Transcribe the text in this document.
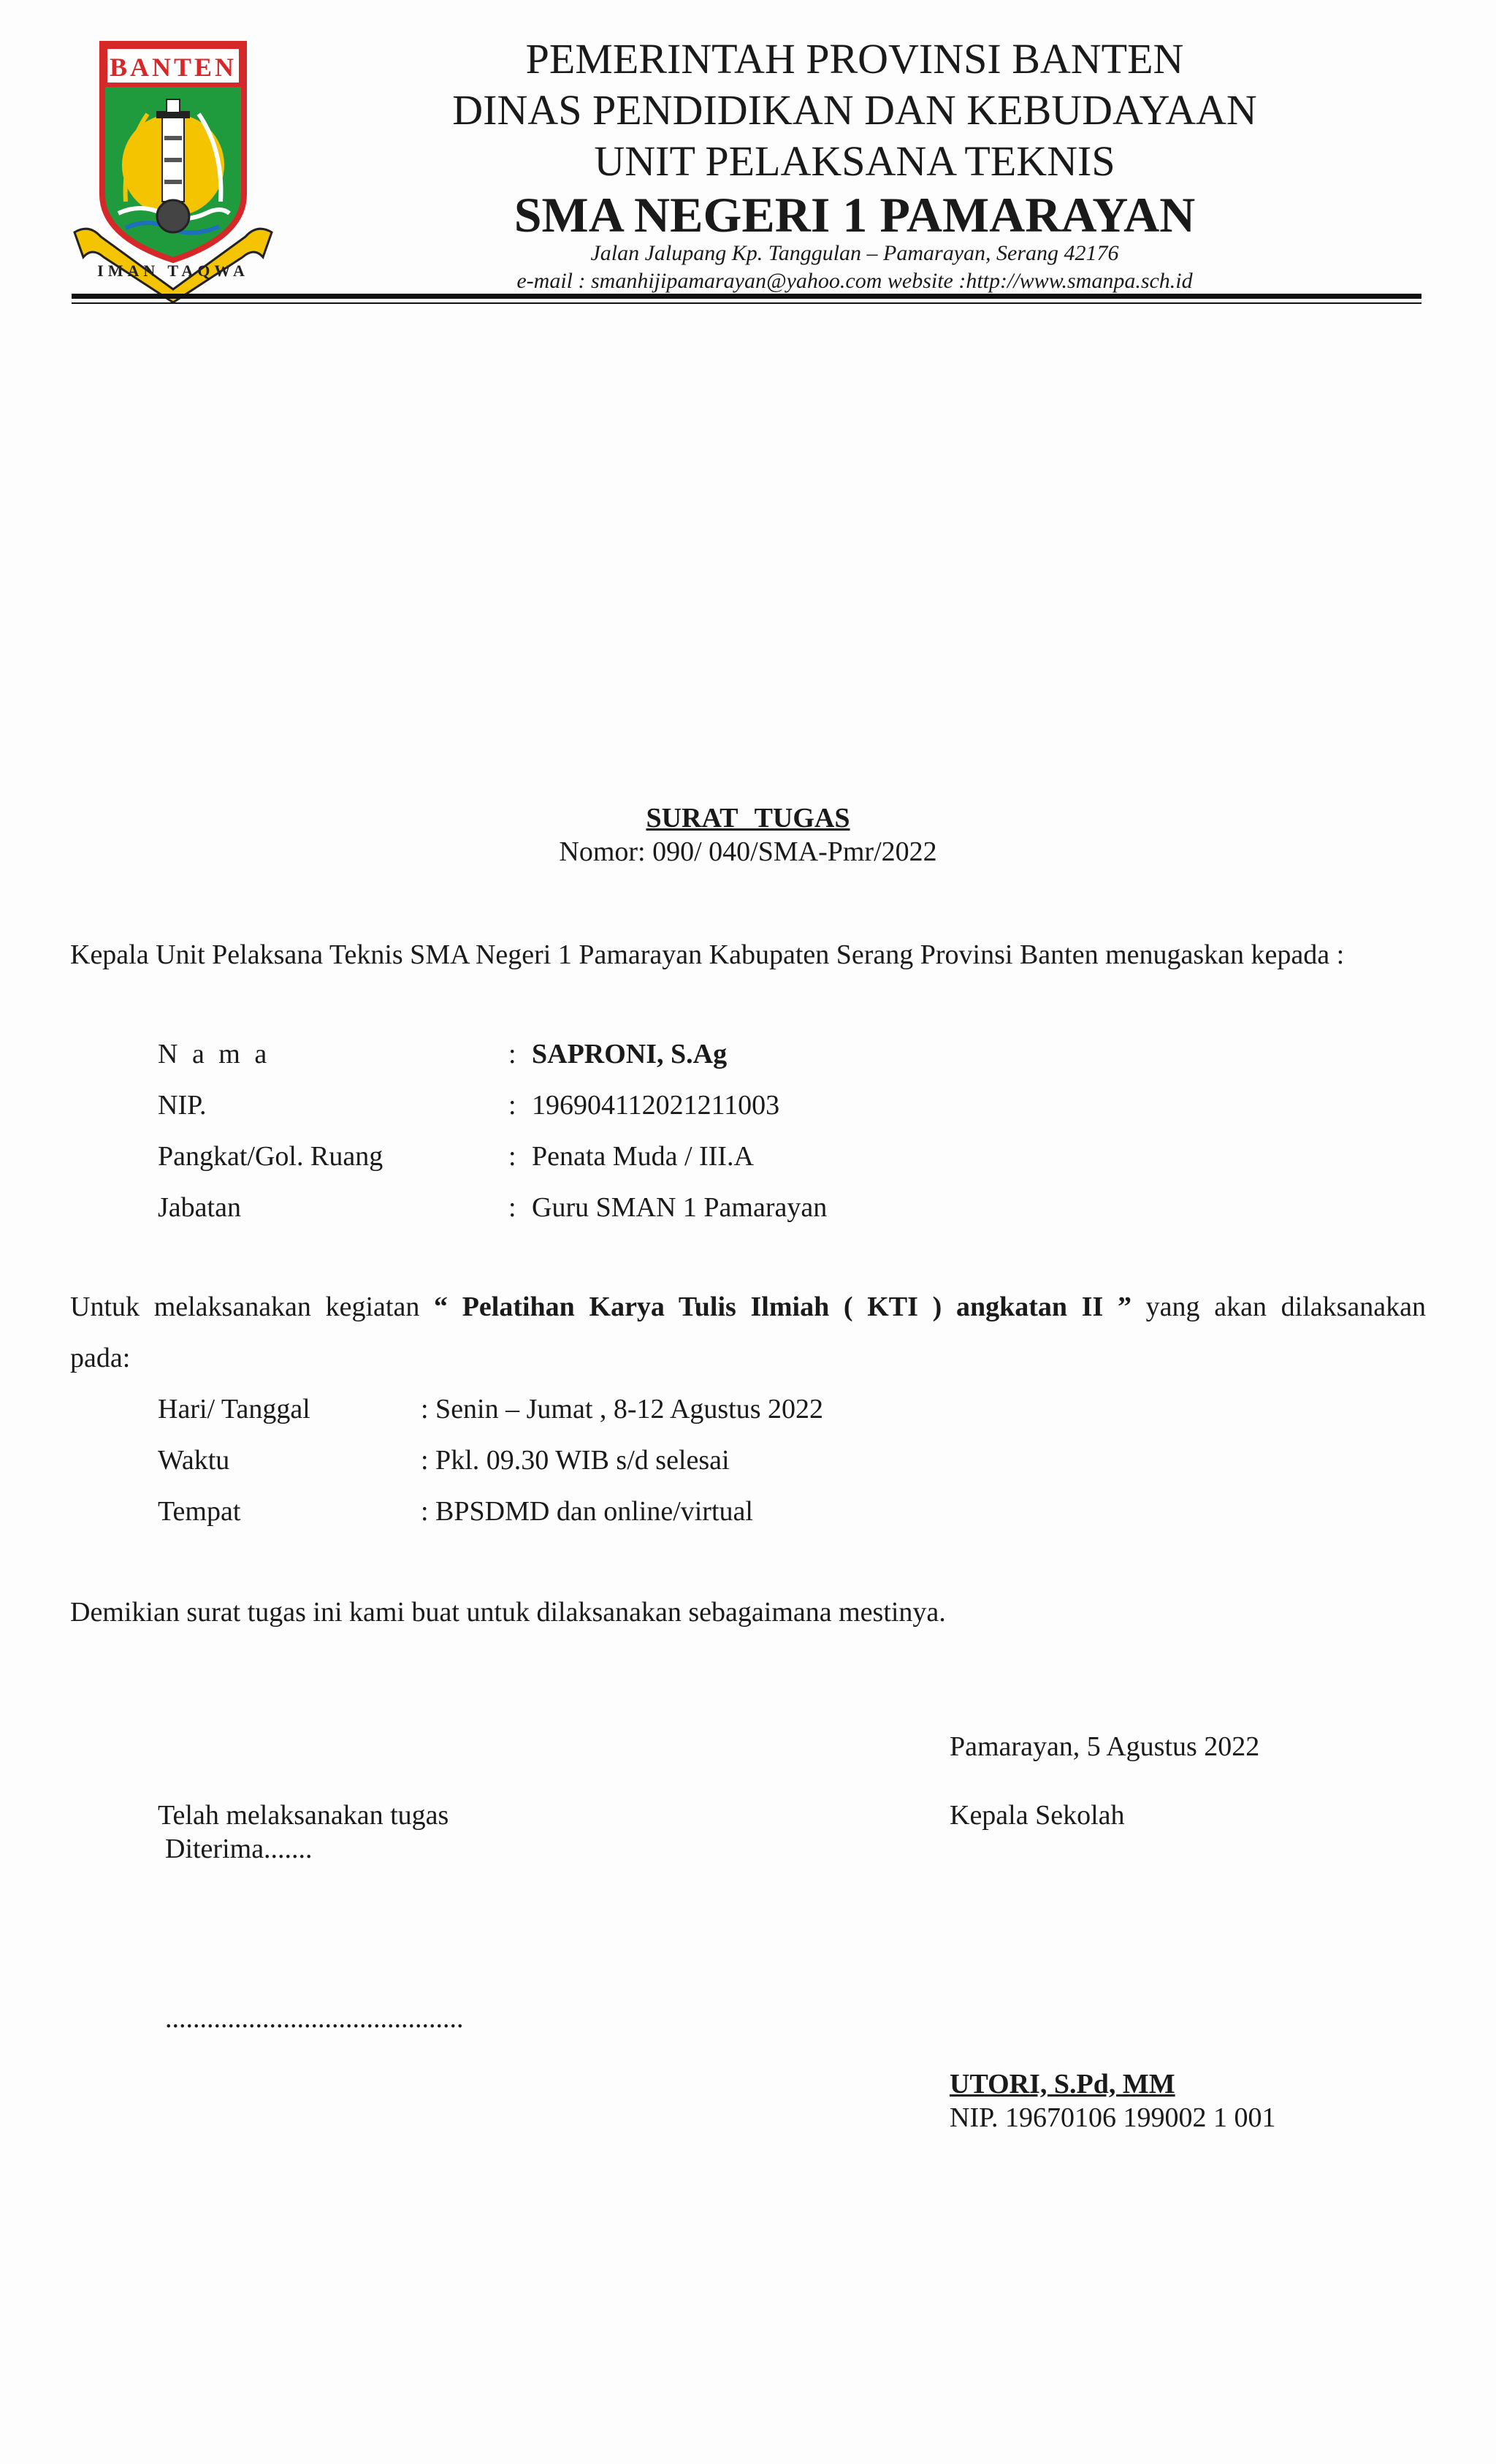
BANTEN
IMAN TAQWA
PEMERINTAH PROVINSI BANTEN
DINAS PENDIDIKAN DAN KEBUDAYAAN
UNIT PELAKSANA TEKNIS
SMA NEGERI 1 PAMARAYAN
Jalan Jalupang Kp. Tanggulan – Pamarayan, Serang 42176
e-mail : smanhijipamarayan@yahoo.com website :http://www.smanpa.sch.id
SURAT TUGAS
Nomor: 090/ 040/SMA-Pmr/2022
Kepala Unit Pelaksana Teknis SMA Negeri 1 Pamarayan Kabupaten Serang Provinsi Banten menugaskan kepada :
N a m a	: SAPRONI, S.Ag
NIP.	: 196904112021211003
Pangkat/Gol. Ruang	: Penata Muda / III.A
Jabatan	: Guru SMAN 1 Pamarayan
Untuk melaksanakan kegiatan “ Pelatihan Karya Tulis Ilmiah ( KTI ) angkatan II ” yang akan dilaksanakan
pada:
Hari/ Tanggal	: Senin – Jumat , 8-12 Agustus 2022
Waktu	: Pkl. 09.30 WIB s/d selesai
Tempat	: BPSDMD dan online/virtual
Demikian surat tugas ini kami buat untuk dilaksanakan sebagaimana mestinya.
Pamarayan, 5 Agustus 2022
Kepala Sekolah
Telah melaksanakan tugas
Diterima.......
...........................................
UTORI, S.Pd, MM
NIP. 19670106 199002 1 001
